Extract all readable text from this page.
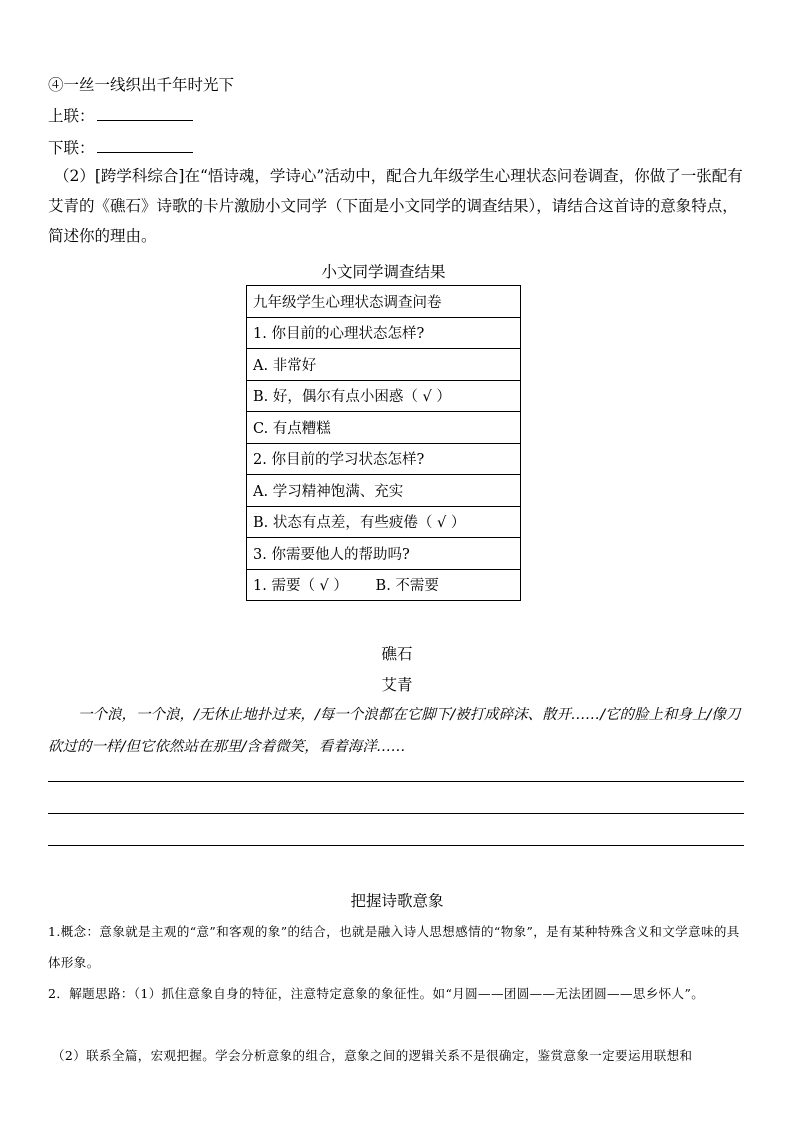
④一丝一线织出千年时光下
上联：
下联：
（2）[跨学科综合]在“悟诗魂，学诗心”活动中，配合九年级学生心理状态问卷调查，你做了一张配有艾青的《礁石》诗歌的卡片激励小文同学（下面是小文同学的调查结果），请结合这首诗的意象特点，简述你的理由。
小文同学调查结果
九年级学生心理状态调查问卷
1. 你目前的心理状态怎样?
A. 非常好
B. 好，偶尔有点小困惑（ √ ）
C. 有点糟糕
2. 你目前的学习状态怎样?
A. 学习精神饱满、充实
B. 状态有点差，有些疲倦（ √ ）
3. 你需要他人的帮助吗?
1. 需要（ √ ）      B. 不需要
礁石
艾青
一个浪，一个浪，/无休止地扑过来，/每一个浪都在它脚下/被打成碎沫、散开……/它的脸上和身上/像刀砍过的一样/但它依然站在那里/含着微笑，看着海洋……
把握诗歌意象
1.概念：意象就是主观的“意”和客观的象”的结合，也就是融入诗人思想感情的“物象”，是有某种特殊含义和文学意味的具体形象。
2．解题思路：（1）抓住意象自身的特征，注意特定意象的象征性。如“月圆——团圆——无法团圆——思乡怀人”。
（2）联系全篇，宏观把握。学会分析意象的组合，意象之间的逻辑关系不是很确定，鉴赏意象一定要运用联想和
